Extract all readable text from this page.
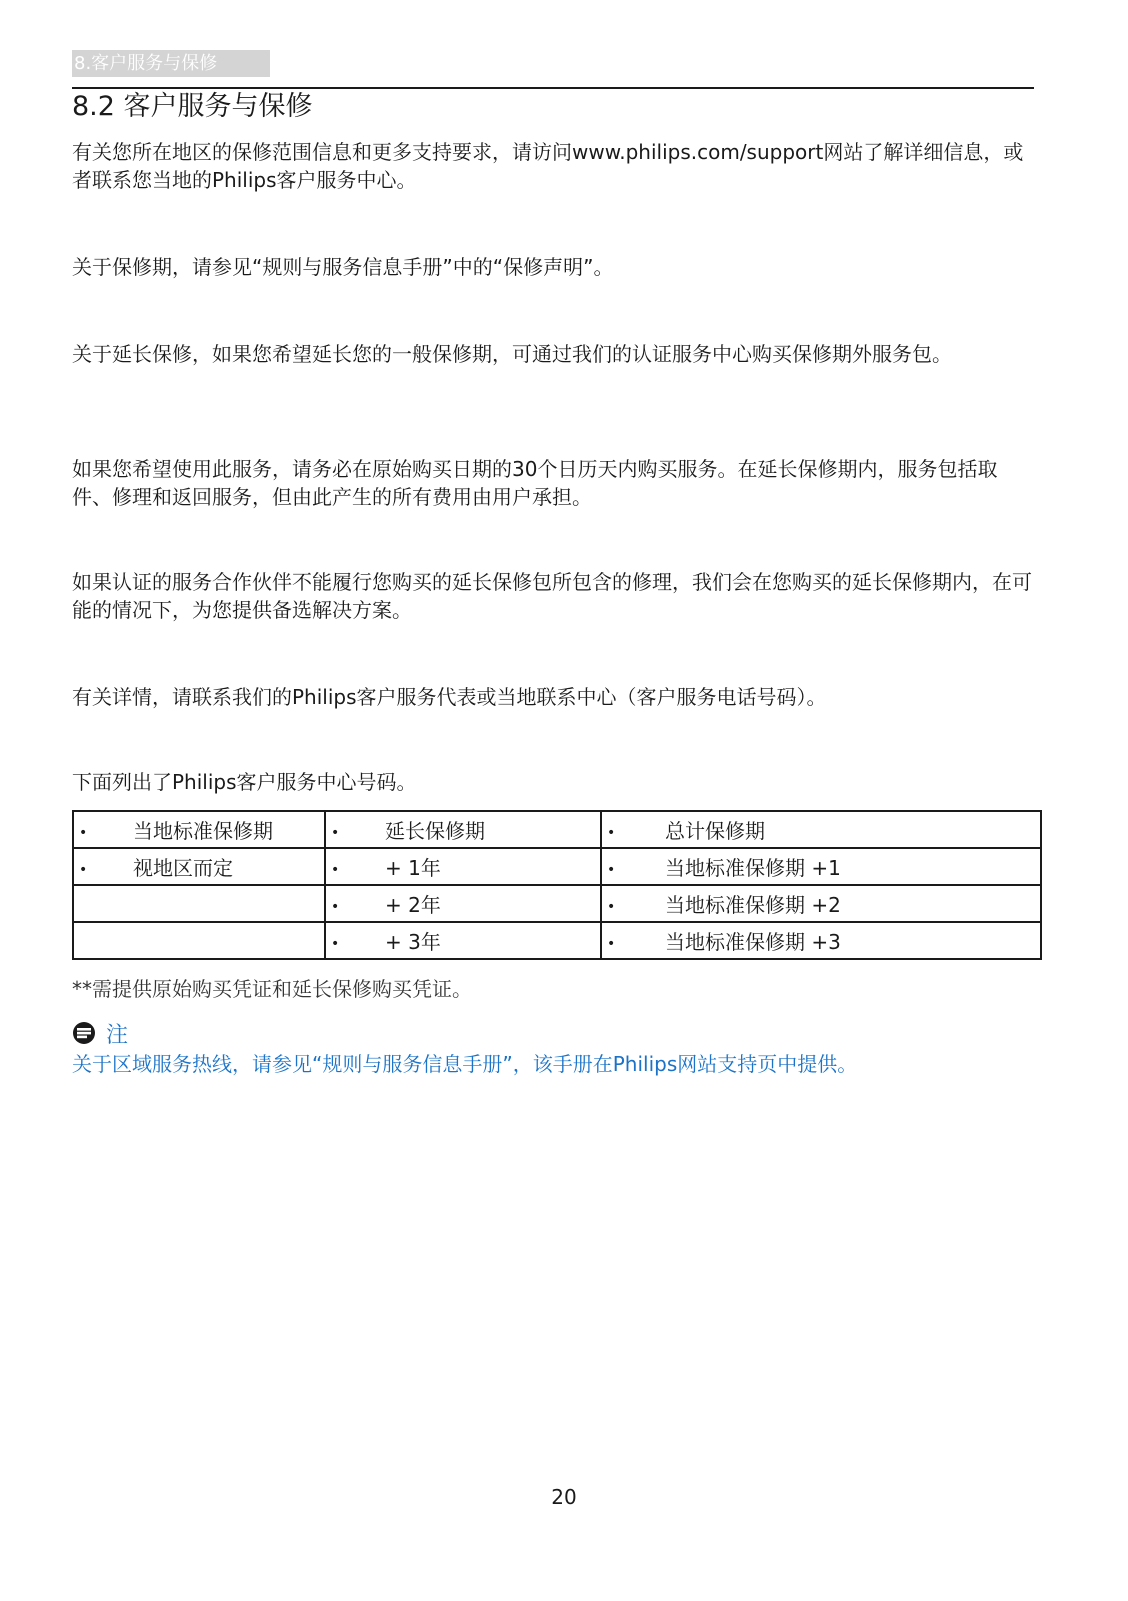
8.客户服务与保修
8.2 客户服务与保修

有关您所在地区的保修范围信息和更多支持要求，请访问www.philips.com/support网站了解详细信息，或者联系您当地的Philips客户服务中心。

关于保修期，请参见“规则与服务信息手册”中的“保修声明”。

关于延长保修，如果您希望延长您的一般保修期，可通过我们的认证服务中心购买保修期外服务包。

如果您希望使用此服务，请务必在原始购买日期的30个日历天内购买服务。在延长保修期内，服务包括取件、修理和返回服务，但由此产生的所有费用由用户承担。

如果认证的服务合作伙伴不能履行您购买的延长保修包所包含的修理，我们会在您购买的延长保修期内，在可能的情况下，为您提供备选解决方案。

有关详情，请联系我们的Philips客户服务代表或当地联系中心（客户服务电话号码）。

下面列出了Philips客户服务中心号码。

• 当地标准保修期	• 延长保修期	• 总计保修期
• 视地区而定	• + 1年	• 当地标准保修期 +1
	• + 2年	• 当地标准保修期 +2
	• + 3年	• 当地标准保修期 +3

**需提供原始购买凭证和延长保修购买凭证。

注

关于区域服务热线，请参见“规则与服务信息手册”，该手册在Philips网站支持页中提供。

20
